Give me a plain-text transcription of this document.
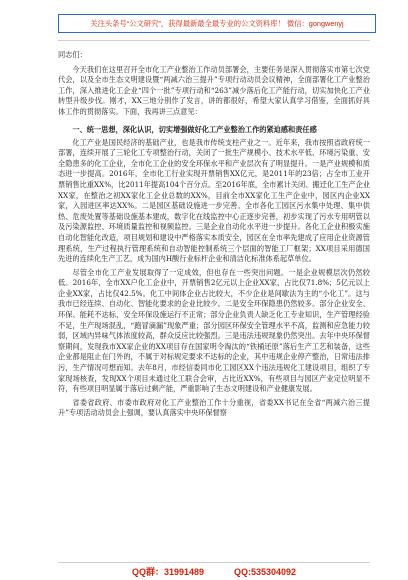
关注头条号“公文研究”，获得最新最全最专业的公文资料库！ 微信：gongwenyj

同志们：

今天我们在这里召开全市化工产业整治工作动员部署会，主要任务是深入贯彻落实市第七次党代会，以及全市生态文明建设暨“两减六治三提升”专项行动动员会议精神，全面部署化工产业整治工作，深入推进化工企业“四个一批”专项行动和“263”减少落后化工产能行动，切实加快化工产业转型升级步伐。刚才，XX三地分别作了发言，讲的都很好，希望大家认真学习借鉴，全面抓好具体工作的贯彻落实。下面，我再讲三点意见：

一、统一思想，深化认识，切实增强做好化工产业整治工作的紧迫感和责任感

化工产业是国民经济的基础产业，也是我市传统支柱产业之一。近年来，我市按照省政府统一部署，连续开展了三轮化工专项整治行动，关闭了一批生产规模小、技术水平低、环境污染重、安全隐患多的化工企业，全市化工企业的安全环保水平和产业层次有了明显提升。一是产业规模和质态进一步提高。2016年，全市化工行业实现开票销售XX亿元，是2011年的23倍；占全市工业开票销售比重XX%，比2011年提高104个百分点。至2016年底，全市累计关闭、搬迁化工生产企业XX家，在整治之初XX家化工企业总数的XX%，目前全市XX家化工生产企业中，园区内企业XX家，入园进区率达XX%。二是园区基础设施进一步完善。全市各化工园区污水集中处理、集中供热、危废处置等基础设施基本建成，数字化在线监控中心正逐步完善，初步实现了污水专用明管以及污染源监控、环境质量监控和视频监控。三是企业自动化水平进一步提升。各化工企业积极实施自动化智能化改造，项目规划和建设中严格落实本质安全，园区在全市率先建成了应用企业资源管理系统，生产过程执行管理系统和自动智能控制系统三个层面的智能工厂框架；XX项目采用德国先进的连续化生产工艺，成为国内H酸行业标杆企业和清洁化标准体系起草单位。

尽管全市化工产业发展取得了一定成效，但也存在一些突出问题。一是企业规模层次仍然较低。2016年，全市XX户化工企业中，开票销售2亿元以上企业XX家，占比仅71.8%；5亿元以上企业XX家，占比仅42.5%。化工中间体企业占比较大，不少企业是间歇法为主的“小化工”。这与我市已经连续、自动化、智能化要求的企业比较少。二是安全环保隐患仍然较多。部分企业安全、环保、能耗不达标，安全环保设施运行不正常；部分企业负责人缺乏化工专业知识，生产管理经验不足，生产现场混乱，“跑冒滴漏”现象严重；部分园区环保安全管理水平不高，监测和应急能力较弱，区域内异味气体浓度较高，群众反应比较强烈。三是违法违规现象仍然突出。去年中央环保督察期间，发现我市XX家企业的XX项目存在国家明令淘汰的“铁桶还原”落后生产工艺和装备，这些企业都是阻止在门外的，不属于对标规定要求不达标的企业，其中违规企业停产整治，日常违法排污，生产情况可想而知。去年8月，市经信委同市化工园区XX个违法违规化工建设项目，组织了专家现场核查，发现XX个项目未通过化工联合会审，占比近XX%，有些项目与园区产业定位明显不符，有些项目明显属于落后过剩产能，严重影响了生态文明建设和产业健康发展。

省委省政府、市委市政府对化工产业整治工作十分重视，省委XX书记在全省“两减六治三提升”专项活动动员会上强调，要认真落实中央环保督察

QQ群：31991489	QQ:535304092
